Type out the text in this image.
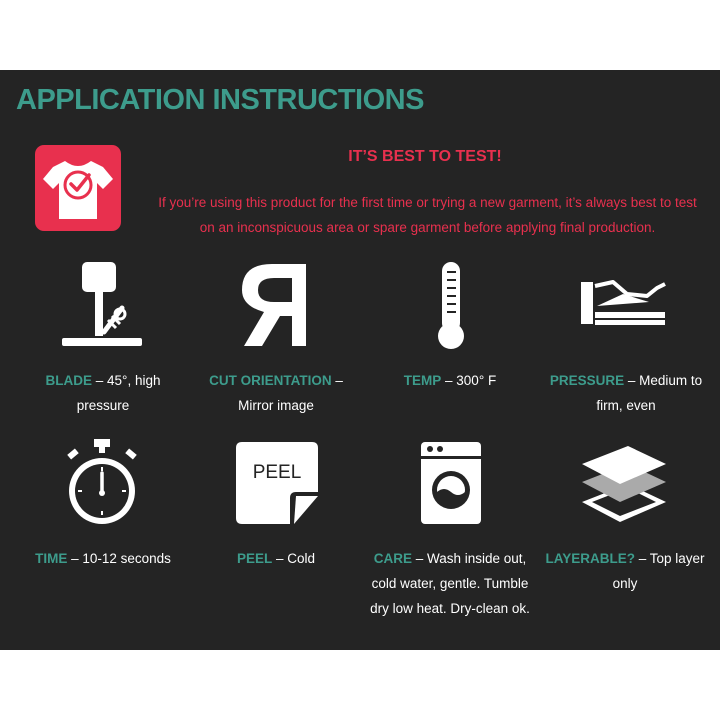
APPLICATION INSTRUCTIONS
IT’S BEST TO TEST!
If you’re using this product for the first time or trying a new garment, it’s always best to test on an inconspicuous area or spare garment before applying final production.
BLADE – 45°, high pressure
CUT ORIENTATION – Mirror image
TEMP – 300° F	PRESSURE – Medium to firm, even
PEEL
TIME – 10-12 seconds	PEEL – Cold	CARE – Wash inside out, cold water, gentle. Tumble dry low heat. Dry-clean ok.
LAYERABLE? – Top layer only
